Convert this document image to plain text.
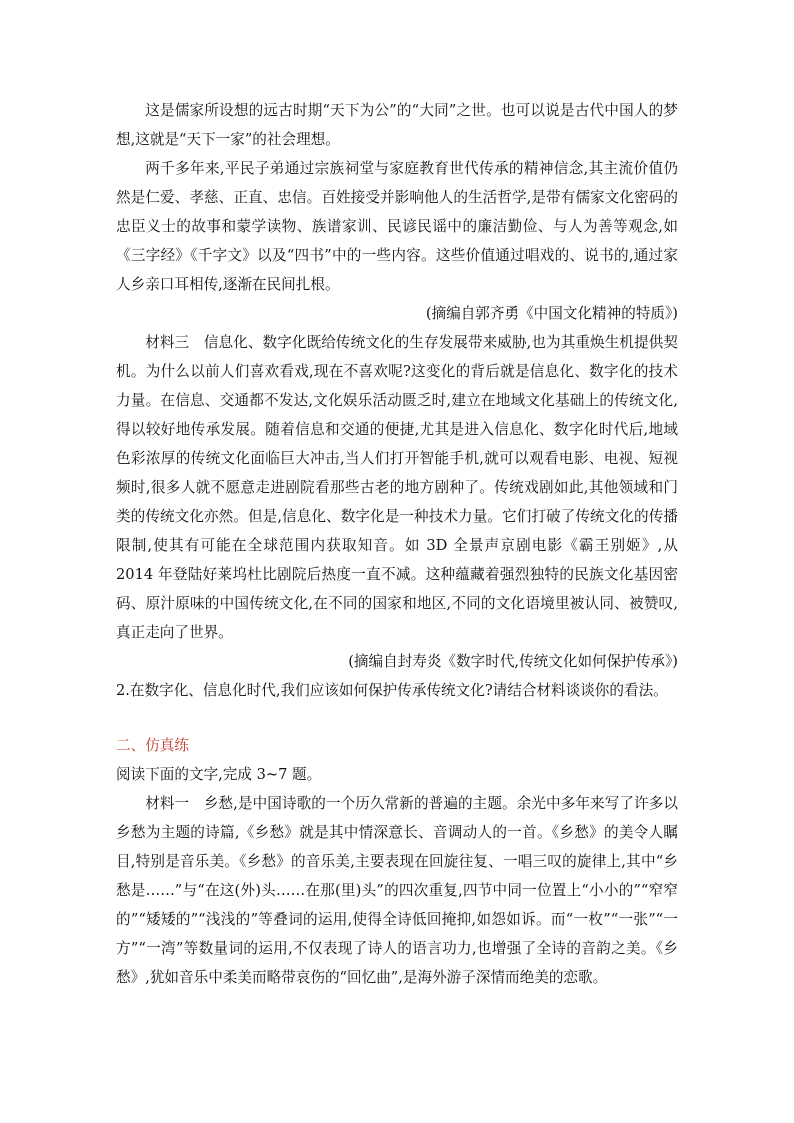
这是儒家所设想的远古时期“天下为公”的“大同”之世。也可以说是古代中国人的梦想,这就是“天下一家”的社会理想。

两千多年来,平民子弟通过宗族祠堂与家庭教育世代传承的精神信念,其主流价值仍然是仁爱、孝慈、正直、忠信。百姓接受并影响他人的生活哲学,是带有儒家文化密码的忠臣义士的故事和蒙学读物、族谱家训、民谚民谣中的廉洁勤俭、与人为善等观念,如《三字经》《千字文》以及“四书”中的一些内容。这些价值通过唱戏的、说书的,通过家人乡亲口耳相传,逐渐在民间扎根。

(摘编自郭齐勇《中国文化精神的特质》)

材料三　信息化、数字化既给传统文化的生存发展带来威胁,也为其重焕生机提供契机。为什么以前人们喜欢看戏,现在不喜欢呢?这变化的背后就是信息化、数字化的技术力量。在信息、交通都不发达,文化娱乐活动匮乏时,建立在地域文化基础上的传统文化,得以较好地传承发展。随着信息和交通的便捷,尤其是进入信息化、数字化时代后,地域色彩浓厚的传统文化面临巨大冲击,当人们打开智能手机,就可以观看电影、电视、短视频时,很多人就不愿意走进剧院看那些古老的地方剧种了。传统戏剧如此,其他领域和门类的传统文化亦然。但是,信息化、数字化是一种技术力量。它们打破了传统文化的传播限制,使其有可能在全球范围内获取知音。如 3D 全景声京剧电影《霸王别姬》,从 2014 年登陆好莱坞杜比剧院后热度一直不减。这种蕴藏着强烈独特的民族文化基因密码、原汁原味的中国传统文化,在不同的国家和地区,不同的文化语境里被认同、被赞叹,真正走向了世界。

(摘编自封寿炎《数字时代,传统文化如何保护传承》)

2.在数字化、信息化时代,我们应该如何保护传承传统文化?请结合材料谈谈你的看法。

二、仿真练

阅读下面的文字,完成 3~7 题。

材料一　乡愁,是中国诗歌的一个历久常新的普遍的主题。余光中多年来写了许多以乡愁为主题的诗篇,《乡愁》就是其中情深意长、音调动人的一首。《乡愁》的美令人瞩目,特别是音乐美。《乡愁》的音乐美,主要表现在回旋往复、一唱三叹的旋律上,其中“乡愁是……”与“在这(外)头……在那(里)头”的四次重复,四节中同一位置上“小小的”“窄窄的”“矮矮的”“浅浅的”等叠词的运用,使得全诗低回掩抑,如怨如诉。而“一枚”“一张”“一方”“一湾”等数量词的运用,不仅表现了诗人的语言功力,也增强了全诗的音韵之美。《乡愁》,犹如音乐中柔美而略带哀伤的“回忆曲”,是海外游子深情而绝美的恋歌。
